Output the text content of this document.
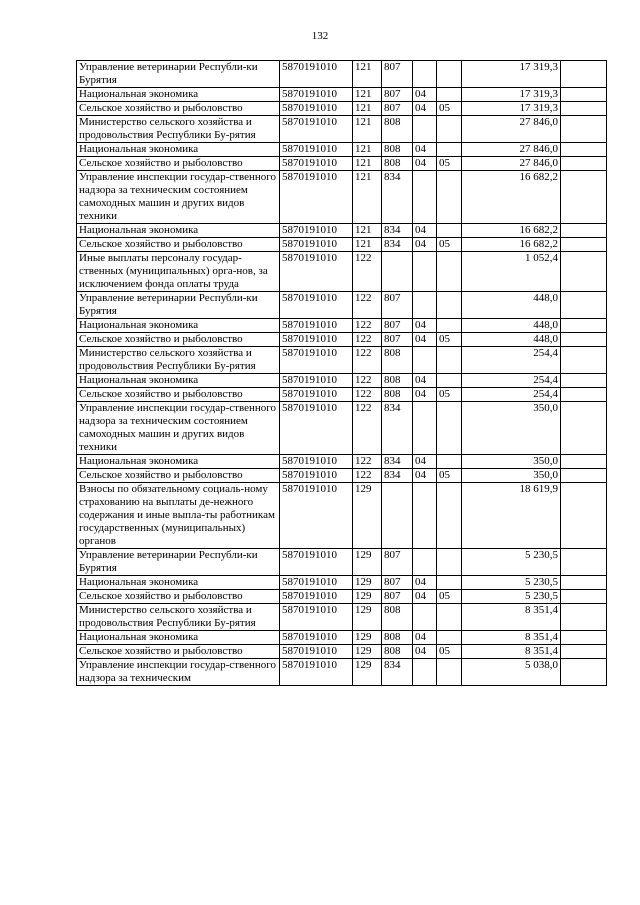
132
Управление ветеринарии Республи-ки Бурятия	5870191010	121	807			17 319,3	
Национальная экономика	5870191010	121	807	04		17 319,3	
Сельское хозяйство и рыболовство	5870191010	121	807	04	05	17 319,3	
Министерство сельского хозяйства и продовольствия Республики Бу-рятия	5870191010	121	808			27 846,0	
Национальная экономика	5870191010	121	808	04		27 846,0	
Сельское хозяйство и рыболовство	5870191010	121	808	04	05	27 846,0	
Управление инспекции государ-ственного надзора за техническим состоянием самоходных машин и других видов техники	5870191010	121	834			16 682,2	
Национальная экономика	5870191010	121	834	04		16 682,2	
Сельское хозяйство и рыболовство	5870191010	121	834	04	05	16 682,2	
Иные выплаты персоналу государ-ственных (муниципальных) орга-нов, за исключением фонда оплаты труда	5870191010	122				1 052,4	
Управление ветеринарии Республи-ки Бурятия	5870191010	122	807			448,0	
Национальная экономика	5870191010	122	807	04		448,0	
Сельское хозяйство и рыболовство	5870191010	122	807	04	05	448,0	
Министерство сельского хозяйства и продовольствия Республики Бу-рятия	5870191010	122	808			254,4	
Национальная экономика	5870191010	122	808	04		254,4	
Сельское хозяйство и рыболовство	5870191010	122	808	04	05	254,4	
Управление инспекции государ-ственного надзора за техническим состоянием самоходных машин и других видов техники	5870191010	122	834			350,0	
Национальная экономика	5870191010	122	834	04		350,0	
Сельское хозяйство и рыболовство	5870191010	122	834	04	05	350,0	
Взносы по обязательному социаль-ному страхованию на выплаты де-нежного содержания и иные выпла-ты работникам государственных (муниципальных) органов	5870191010	129				18 619,9	
Управление ветеринарии Республи-ки Бурятия	5870191010	129	807			5 230,5	
Национальная экономика	5870191010	129	807	04		5 230,5	
Сельское хозяйство и рыболовство	5870191010	129	807	04	05	5 230,5	
Министерство сельского хозяйства и продовольствия Республики Бу-рятия	5870191010	129	808			8 351,4	
Национальная экономика	5870191010	129	808	04		8 351,4	
Сельское хозяйство и рыболовство	5870191010	129	808	04	05	8 351,4	
Управление инспекции государ-ственного надзора за техническим	5870191010	129	834			5 038,0	
